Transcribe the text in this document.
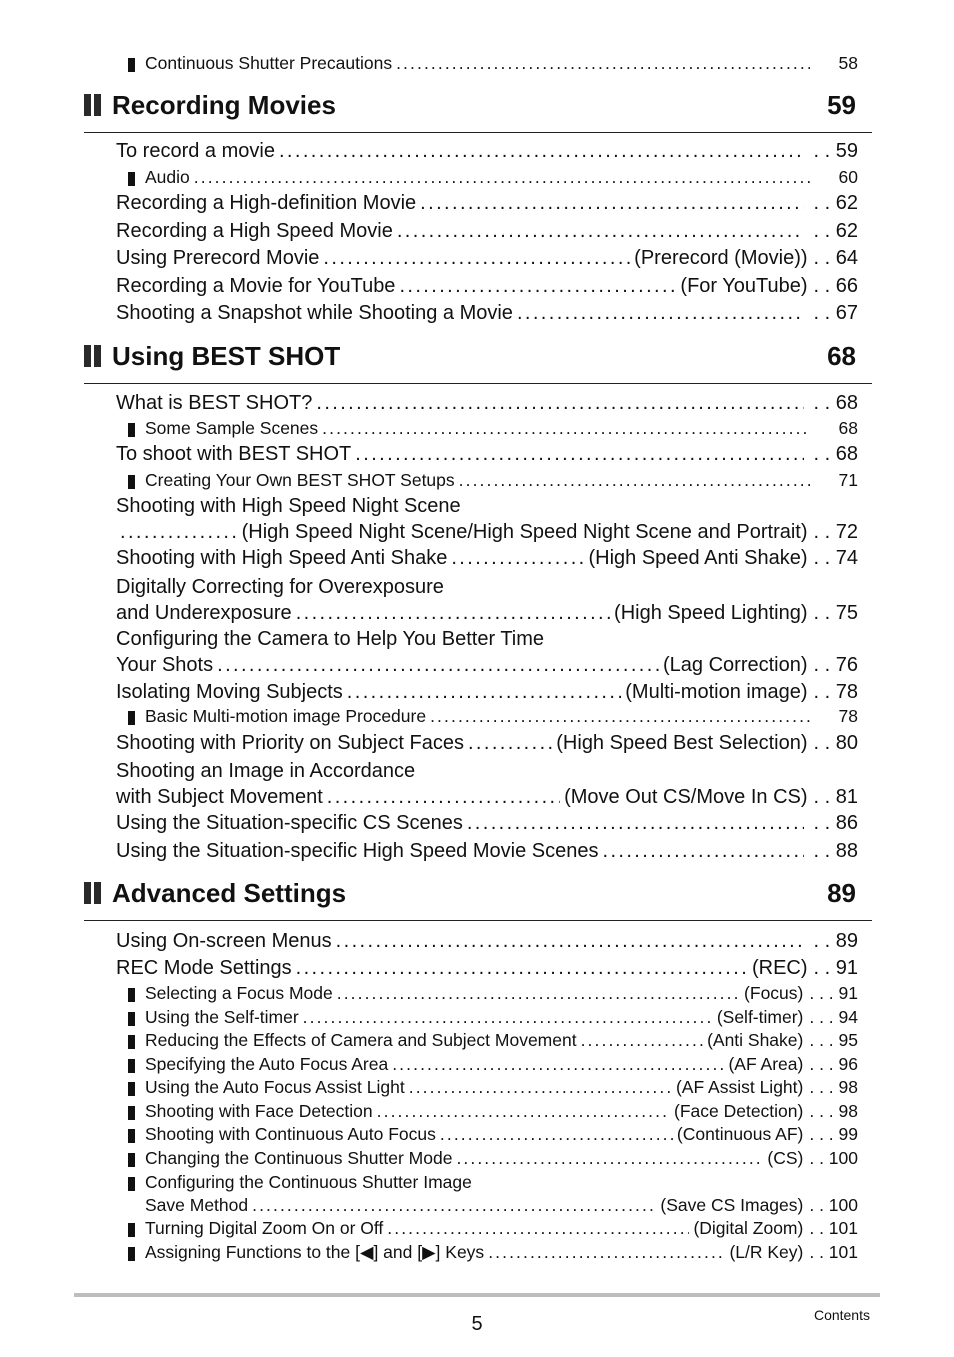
Continuous Shutter Precautions .....	58
Recording Movies	59
To record a movie .....	. . 59
Audio .....	60
Recording a High-definition Movie .....	. . 62
Recording a High Speed Movie .....	. . 62
Using Prerecord Movie .....	(Prerecord (Movie)) . . 64
Recording a Movie for YouTube .....	(For YouTube) . . 66
Shooting a Snapshot while Shooting a Movie .....	. . 67
Using BEST SHOT	68
What is BEST SHOT? .....	. . 68
Some Sample Scenes .....	68
To shoot with BEST SHOT .....	. . 68
Creating Your Own BEST SHOT Setups .....	71
Shooting with High Speed Night Scene
.....
(High Speed Night Scene/High Speed Night Scene and Portrait) . . 72
Shooting with High Speed Anti Shake .....	(High Speed Anti Shake) . . 74
Digitally Correcting for Overexposure
and Underexposure .....	(High Speed Lighting) . . 75
Configuring the Camera to Help You Better Time
Your Shots .....	(Lag Correction) . . 76
Isolating Moving Subjects .....	(Multi-motion image) . . 78
Basic Multi-motion image Procedure .....	78
Shooting with Priority on Subject Faces .....	(High Speed Best Selection) . . 80
Shooting an Image in Accordance
with Subject Movement .....	(Move Out CS/Move In CS) . . 81
Using the Situation-specific CS Scenes .....	. . 86
Using the Situation-specific High Speed Movie Scenes .....	. . 88
Advanced Settings	89
Using On-screen Menus .....	. . 89
REC Mode Settings .....	(REC) . . 91
Selecting a Focus Mode .....	(Focus) . . . 91
Using the Self-timer .....	(Self-timer) . . . 94
Reducing the Effects of Camera and Subject Movement .....	(Anti Shake) . . . 95
Specifying the Auto Focus Area .....	(AF Area) . . . 96
Using the Auto Focus Assist Light .....	(AF Assist Light) . . . 98
Shooting with Face Detection .....	(Face Detection) . . . 98
Shooting with Continuous Auto Focus .....	(Continuous AF) . . . 99
Changing the Continuous Shutter Mode .....	(CS) . . 100
Configuring the Continuous Shutter Image
Save Method .....	(Save CS Images) . . 100
Turning Digital Zoom On or Off .....	(Digital Zoom) . . 101
Assigning Functions to the [◀] and [▶] Keys .....	(L/R Key) . . 101
5	Contents
